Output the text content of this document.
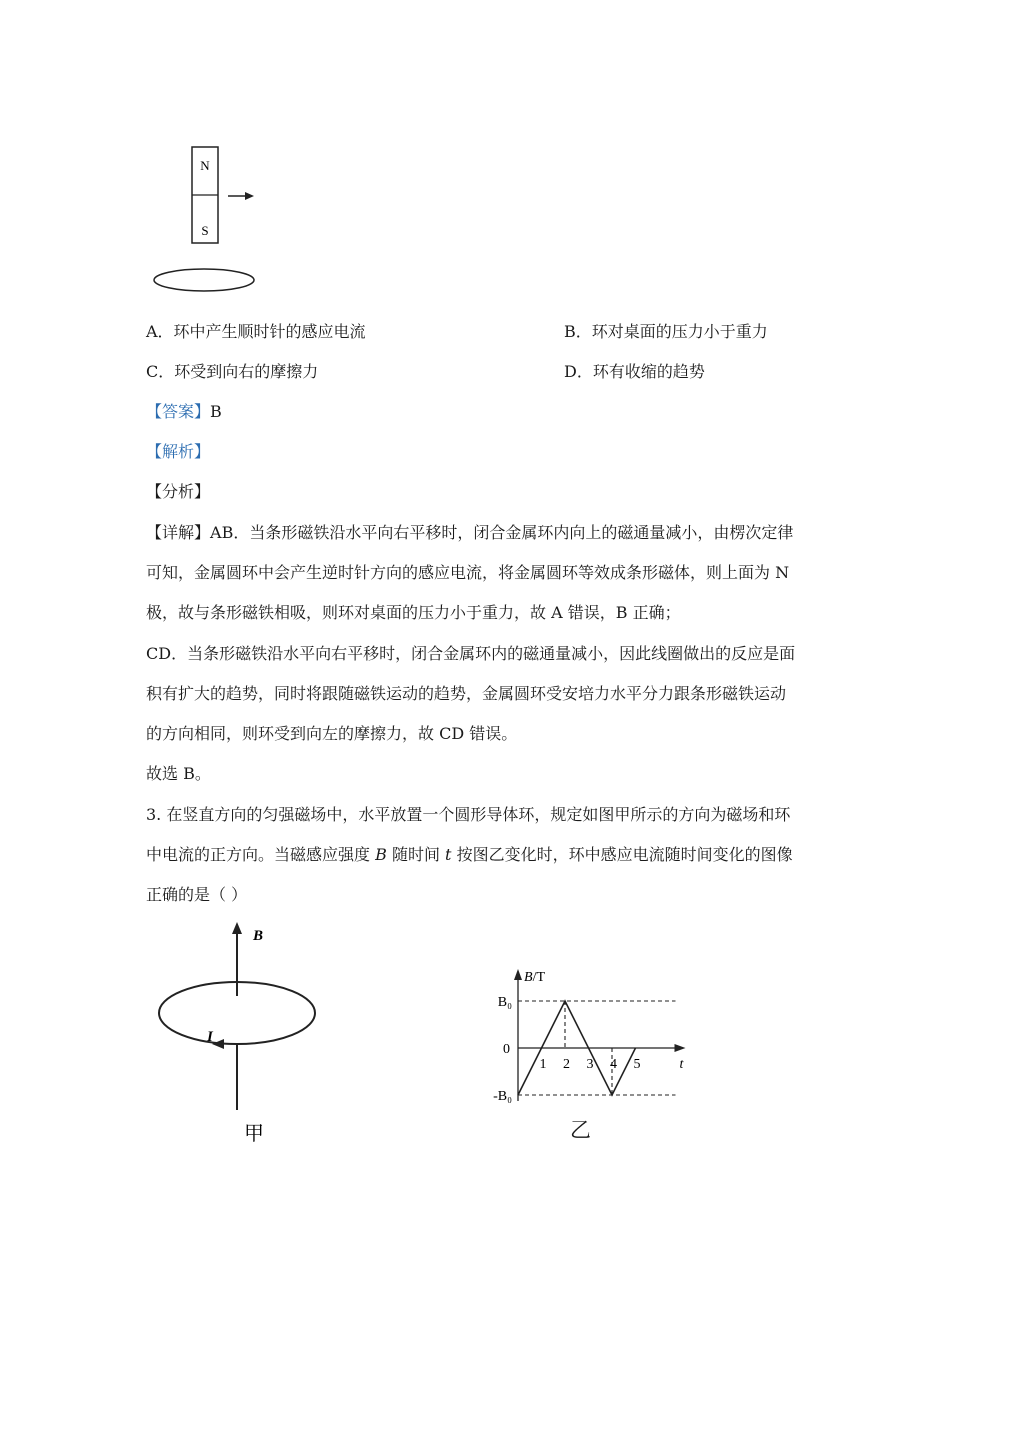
N
S
A．环中产生顺时针的感应电流	B．环对桌面的压力小于重力
C．环受到向右的摩擦力	D．环有收缩的趋势
【答案】B
【解析】
【分析】
【详解】AB．当条形磁铁沿水平向右平移时，闭合金属环内向上的磁通量减小，由楞次定律
可知，金属圆环中会产生逆时针方向的感应电流，将金属圆环等效成条形磁体，则上面为 N
极，故与条形磁铁相吸，则环对桌面的压力小于重力，故 A 错误，B 正确；
CD．当条形磁铁沿水平向右平移时，闭合金属环内的磁通量减小，因此线圈做出的反应是面
积有扩大的趋势，同时将跟随磁铁运动的趋势，金属圆环受安培力水平分力跟条形磁铁运动
的方向相同，则环受到向左的摩擦力，故 CD 错误。
故选 B。
3. 在竖直方向的匀强磁场中，水平放置一个圆形导体环，规定如图甲所示的方向为磁场和环
中电流的正方向。当磁感应强度 B 随时间 t 按图乙变化时，环中感应电流随时间变化的图像
正确的是（ ）
B
I
甲
B/T
t
B₀
0
-B₀
1 2 3 4 5
乙
